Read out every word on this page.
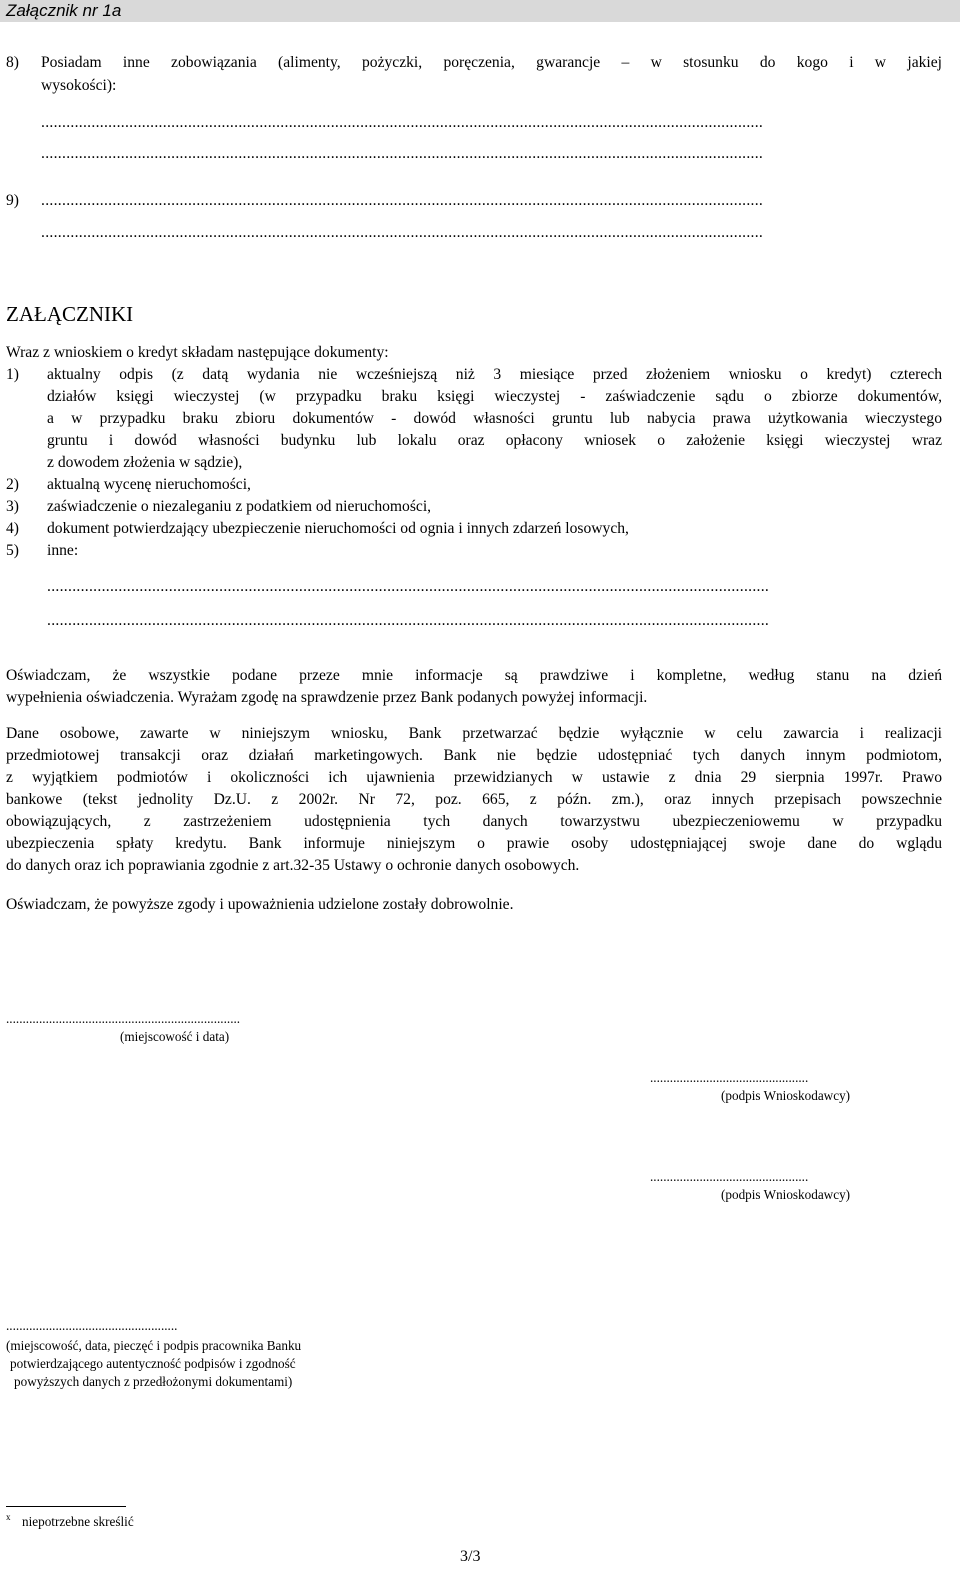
Załącznik nr 1a
8) Posiadam inne zobowiązania (alimenty, pożyczki, poręczenia, gwarancje – w stosunku do kogo i w jakiej
wysokości):
............................................................................................................................................................................
............................................................................................................................................................................
9) ............................................................................................................................................................................
............................................................................................................................................................................
ZAŁĄCZNIKI
Wraz z wnioskiem o kredyt składam następujące dokumenty:
1) aktualny odpis (z datą wydania nie wcześniejszą niż 3 miesiące przed złożeniem wniosku o kredyt) czterech
działów księgi wieczystej (w przypadku braku księgi wieczystej - zaświadczenie sądu o zbiorze dokumentów,
a w przypadku braku zbioru dokumentów - dowód własności gruntu lub nabycia prawa użytkowania wieczystego
gruntu i dowód własności budynku lub lokalu oraz opłacony wniosek o założenie księgi wieczystej wraz
z dowodem złożenia w sądzie),
2) aktualną wycenę nieruchomości,
3) zaświadczenie o niezaleganiu z podatkiem od nieruchomości,
4) dokument potwierdzający ubezpieczenie nieruchomości od ognia i innych zdarzeń losowych,
5) inne:
............................................................................................................................................................................
............................................................................................................................................................................
Oświadczam, że wszystkie podane przeze mnie informacje są prawdziwe i kompletne, według stanu na dzień
wypełnienia oświadczenia. Wyrażam zgodę na sprawdzenie przez Bank podanych powyżej informacji.
Dane osobowe, zawarte w niniejszym wniosku, Bank przetwarzać będzie wyłącznie w celu zawarcia i realizacji
przedmiotowej transakcji oraz działań marketingowych. Bank nie będzie udostępniać tych danych innym podmiotom,
z wyjątkiem podmiotów i okoliczności ich ujawnienia przewidzianych w ustawie z dnia 29 sierpnia 1997r. Prawo
bankowe (tekst jednolity Dz.U. z 2002r. Nr 72, poz. 665, z późn. zm.), oraz innych przepisach powszechnie
obowiązujących, z zastrzeżeniem udostępnienia tych danych towarzystwu ubezpieczeniowemu w przypadku
ubezpieczenia spłaty kredytu. Bank informuje niniejszym o prawie osoby udostępniającej swoje dane do wglądu
do danych oraz ich poprawiania zgodnie z art.32-35 Ustawy o ochronie danych osobowych.
Oświadczam, że powyższe zgody i upoważnienia udzielone zostały dobrowolnie.
.......................................................................
(miejscowość i data)
................................................
(podpis Wnioskodawcy)
................................................
(podpis Wnioskodawcy)
....................................................
(miejscowość, data, pieczęć i podpis pracownika Banku
potwierdzającego autentyczność podpisów i zgodność
powyższych danych z przedłożonymi dokumentami)
x niepotrzebne skreślić
3/3
